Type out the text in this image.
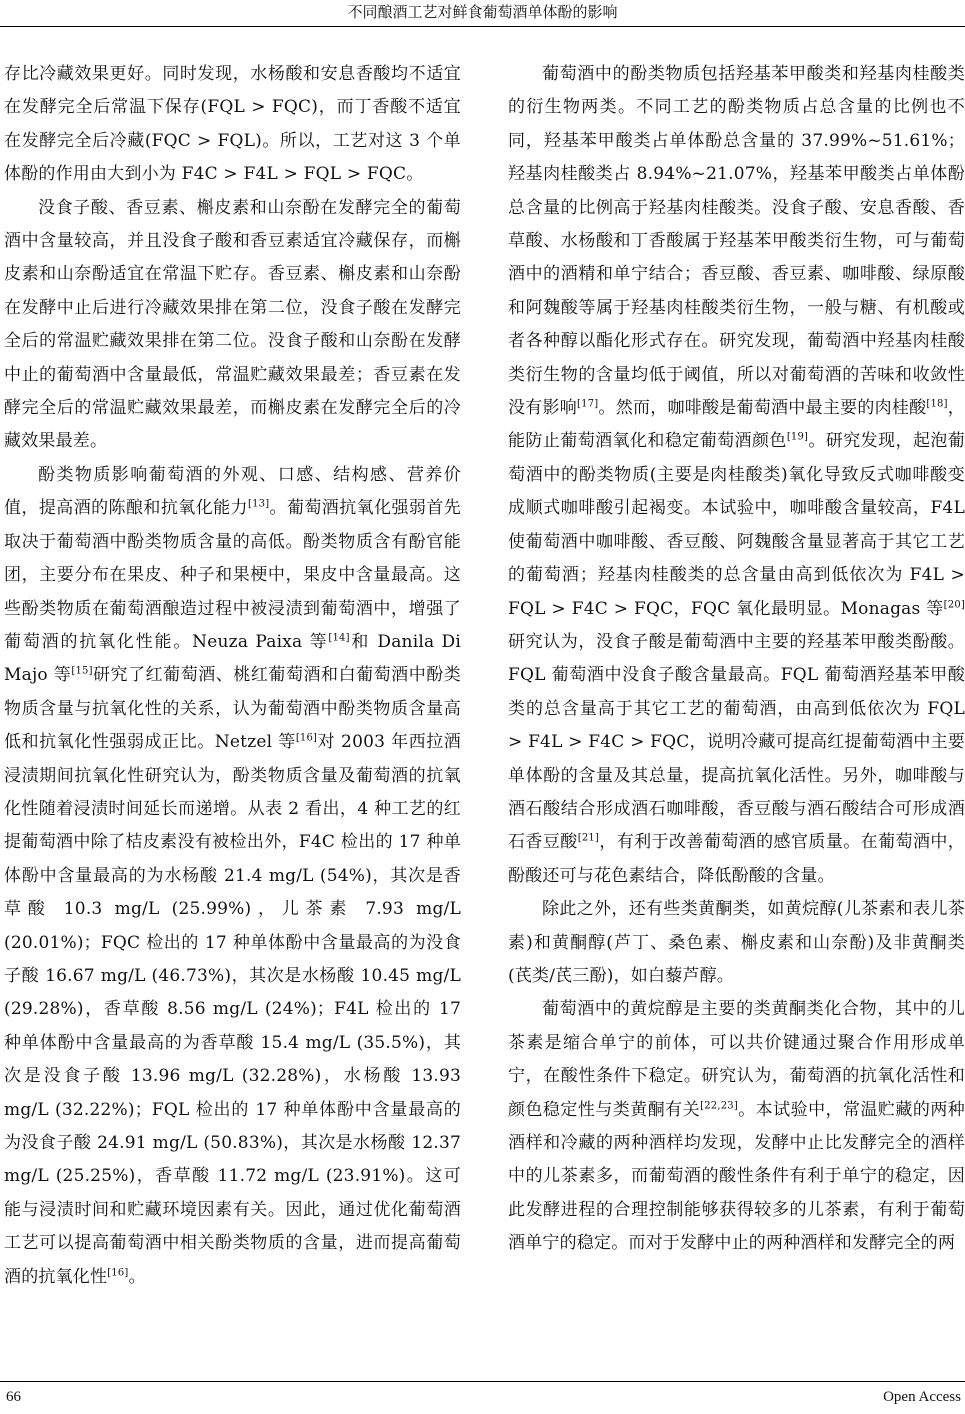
不同酿酒工艺对鲜食葡萄酒单体酚的影响

存比冷藏效果更好。同时发现，水杨酸和安息香酸均不适宜在发酵完全后常温下保存(FQL > FQC)，而丁香酸不适宜在发酵完全后冷藏(FQC > FQL)。所以，工艺对这 3 个单体酚的作用由大到小为 F4C > F4L > FQL > FQC。

没食子酸、香豆素、槲皮素和山奈酚在发酵完全的葡萄酒中含量较高，并且没食子酸和香豆素适宜冷藏保存，而槲皮素和山奈酚适宜在常温下贮存。香豆素、槲皮素和山奈酚在发酵中止后进行冷藏效果排在第二位，没食子酸在发酵完全后的常温贮藏效果排在第二位。没食子酸和山奈酚在发酵中止的葡萄酒中含量最低，常温贮藏效果最差；香豆素在发酵完全后的常温贮藏效果最差，而槲皮素在发酵完全后的冷藏效果最差。

酚类物质影响葡萄酒的外观、口感、结构感、营养价值，提高酒的陈酿和抗氧化能力[13]。葡萄酒抗氧化强弱首先取决于葡萄酒中酚类物质含量的高低。酚类物质含有酚官能团，主要分布在果皮、种子和果梗中，果皮中含量最高。这些酚类物质在葡萄酒酿造过程中被浸渍到葡萄酒中，增强了葡萄酒的抗氧化性能。Neuza Paixa 等[14]和 Danila Di Majo 等[15]研究了红葡萄酒、桃红葡萄酒和白葡萄酒中酚类物质含量与抗氧化性的关系，认为葡萄酒中酚类物质含量高低和抗氧化性强弱成正比。Netzel 等[16]对 2003 年西拉酒浸渍期间抗氧化性研究认为，酚类物质含量及葡萄酒的抗氧化性随着浸渍时间延长而递增。从表 2 看出，4 种工艺的红提葡萄酒中除了桔皮素没有被检出外，F4C 检出的 17 种单体酚中含量最高的为水杨酸 21.4 mg/L (54%)，其次是香草酸 10.3 mg/L (25.99%)，儿茶素 7.93 mg/L (20.01%)；FQC 检出的 17 种单体酚中含量最高的为没食子酸 16.67 mg/L (46.73%)，其次是水杨酸 10.45 mg/L (29.28%)，香草酸 8.56 mg/L (24%)；F4L 检出的 17 种单体酚中含量最高的为香草酸 15.4 mg/L (35.5%)，其次是没食子酸 13.96 mg/L (32.28%)，水杨酸 13.93 mg/L (32.22%)；FQL 检出的 17 种单体酚中含量最高的为没食子酸 24.91 mg/L (50.83%)，其次是水杨酸 12.37 mg/L (25.25%)，香草酸 11.72 mg/L (23.91%)。这可能与浸渍时间和贮藏环境因素有关。因此，通过优化葡萄酒工艺可以提高葡萄酒中相关酚类物质的含量，进而提高葡萄酒的抗氧化性[16]。

葡萄酒中的酚类物质包括羟基苯甲酸类和羟基肉桂酸类的衍生物两类。不同工艺的酚类物质占总含量的比例也不同，羟基苯甲酸类占单体酚总含量的 37.99%~51.61%；羟基肉桂酸类占 8.94%~21.07%，羟基苯甲酸类占单体酚总含量的比例高于羟基肉桂酸类。没食子酸、安息香酸、香草酸、水杨酸和丁香酸属于羟基苯甲酸类衍生物，可与葡萄酒中的酒精和单宁结合；香豆酸、香豆素、咖啡酸、绿原酸和阿魏酸等属于羟基肉桂酸类衍生物，一般与糖、有机酸或者各种醇以酯化形式存在。研究发现，葡萄酒中羟基肉桂酸类衍生物的含量均低于阈值，所以对葡萄酒的苦味和收敛性没有影响[17]。然而，咖啡酸是葡萄酒中最主要的肉桂酸[18]，能防止葡萄酒氧化和稳定葡萄酒颜色[19]。研究发现，起泡葡萄酒中的酚类物质(主要是肉桂酸类)氧化导致反式咖啡酸变成顺式咖啡酸引起褐变。本试验中，咖啡酸含量较高，F4L 使葡萄酒中咖啡酸、香豆酸、阿魏酸含量显著高于其它工艺的葡萄酒；羟基肉桂酸类的总含量由高到低依次为 F4L > FQL > F4C > FQC，FQC 氧化最明显。Monagas 等[20]研究认为，没食子酸是葡萄酒中主要的羟基苯甲酸类酚酸。FQL 葡萄酒中没食子酸含量最高。FQL 葡萄酒羟基苯甲酸类的总含量高于其它工艺的葡萄酒，由高到低依次为 FQL > F4L > F4C > FQC，说明冷藏可提高红提葡萄酒中主要单体酚的含量及其总量，提高抗氧化活性。另外，咖啡酸与酒石酸结合形成酒石咖啡酸，香豆酸与酒石酸结合可形成酒石香豆酸[21]，有利于改善葡萄酒的感官质量。在葡萄酒中，酚酸还可与花色素结合，降低酚酸的含量。

除此之外，还有些类黄酮类，如黄烷醇(儿茶素和表儿茶素)和黄酮醇(芦丁、桑色素、槲皮素和山奈酚)及非黄酮类(芪类/芪三酚)，如白藜芦醇。

葡萄酒中的黄烷醇是主要的类黄酮类化合物，其中的儿茶素是缩合单宁的前体，可以共价键通过聚合作用形成单宁，在酸性条件下稳定。研究认为，葡萄酒的抗氧化活性和颜色稳定性与类黄酮有关[22,23]。本试验中，常温贮藏的两种酒样和冷藏的两种酒样均发现，发酵中止比发酵完全的酒样中的儿茶素多，而葡萄酒的酸性条件有利于单宁的稳定，因此发酵进程的合理控制能够获得较多的儿茶素，有利于葡萄酒单宁的稳定。而对于发酵中止的两种酒样和发酵完全的两

66	Open Access
